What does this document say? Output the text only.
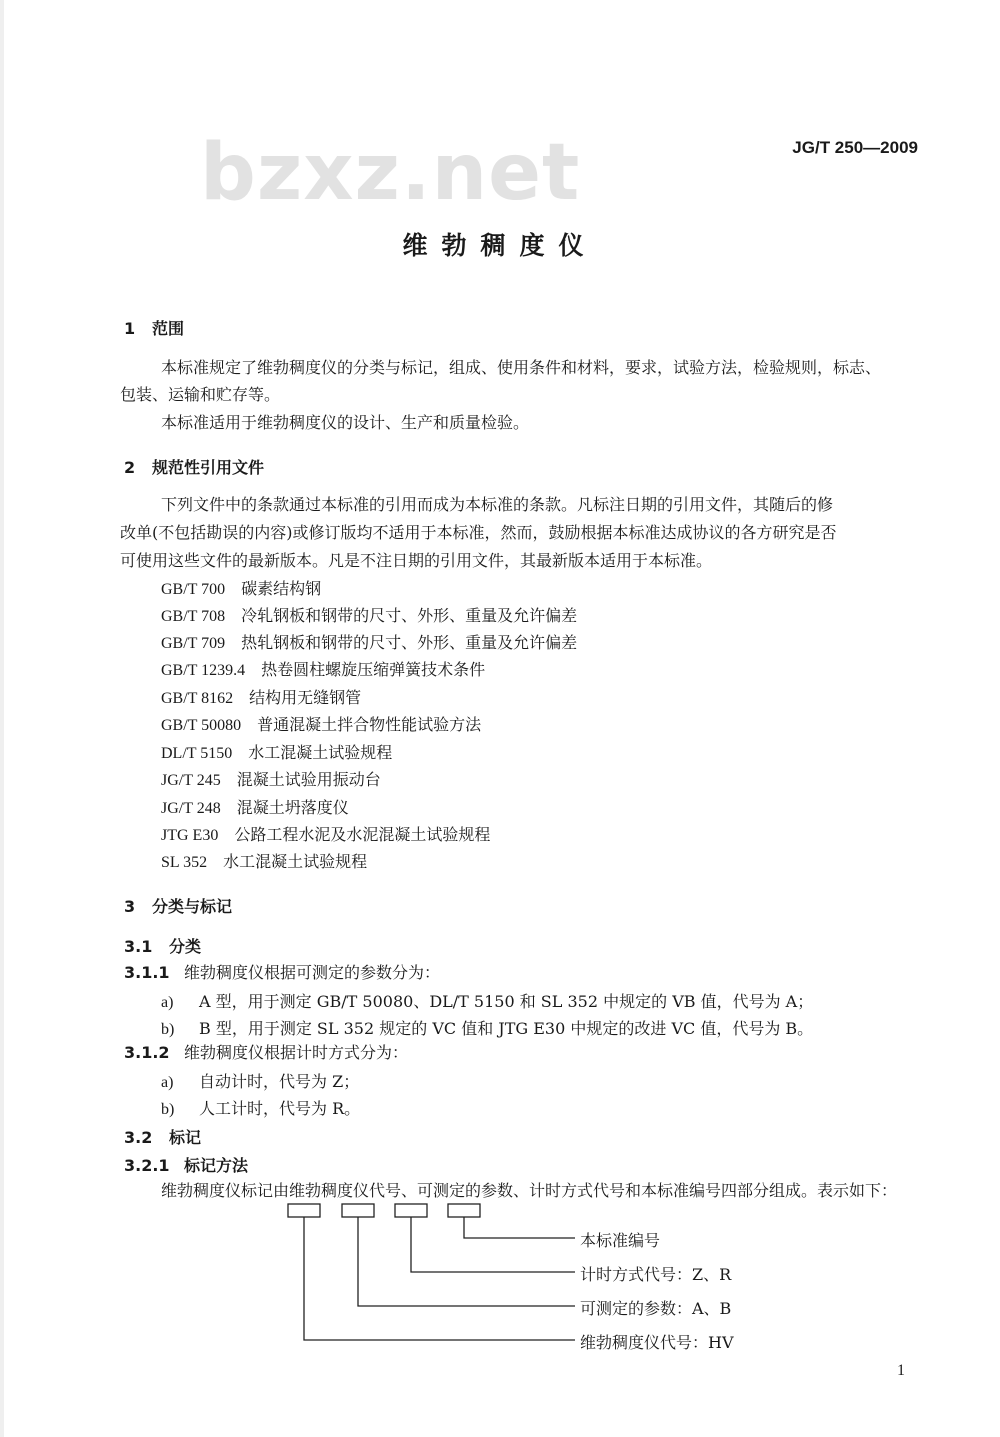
bzxz.net	JG/T 250—2009
维勃稠度仪
1 范围
本标准规定了维勃稠度仪的分类与标记，组成、使用条件和材料，要求，试验方法，检验规则，标志、
包装、运输和贮存等。
本标准适用于维勃稠度仪的设计、生产和质量检验。
2 规范性引用文件
下列文件中的条款通过本标准的引用而成为本标准的条款。凡标注日期的引用文件，其随后的修
改单(不包括勘误的内容)或修订版均不适用于本标准，然而，鼓励根据本标准达成协议的各方研究是否
可使用这些文件的最新版本。凡是不注日期的引用文件，其最新版本适用于本标准。
GB/T 700 碳素结构钢
GB/T 708 冷轧钢板和钢带的尺寸、外形、重量及允许偏差
GB/T 709 热轧钢板和钢带的尺寸、外形、重量及允许偏差
GB/T 1239.4 热卷圆柱螺旋压缩弹簧技术条件
GB/T 8162 结构用无缝钢管
GB/T 50080 普通混凝土拌合物性能试验方法
DL/T 5150 水工混凝土试验规程
JG/T 245 混凝土试验用振动台
JG/T 248 混凝土坍落度仪
JTG E30 公路工程水泥及水泥混凝土试验规程
SL 352 水工混凝土试验规程
3 分类与标记
3.1 分类
3.1.1 维勃稠度仪根据可测定的参数分为：
a) A 型，用于测定 GB/T 50080、DL/T 5150 和 SL 352 中规定的 VB 值，代号为 A；
b) B 型，用于测定 SL 352 规定的 VC 值和 JTG E30 中规定的改进 VC 值，代号为 B。
3.1.2 维勃稠度仪根据计时方式分为：
a) 自动计时，代号为 Z；
b) 人工计时，代号为 R。
3.2 标记
3.2.1 标记方法
维勃稠度仪标记由维勃稠度仪代号、可测定的参数、计时方式代号和本标准编号四部分组成。表示如下：
本标准编号
计时方式代号：Z、R
可测定的参数：A、B
维勃稠度仪代号：HV
1
